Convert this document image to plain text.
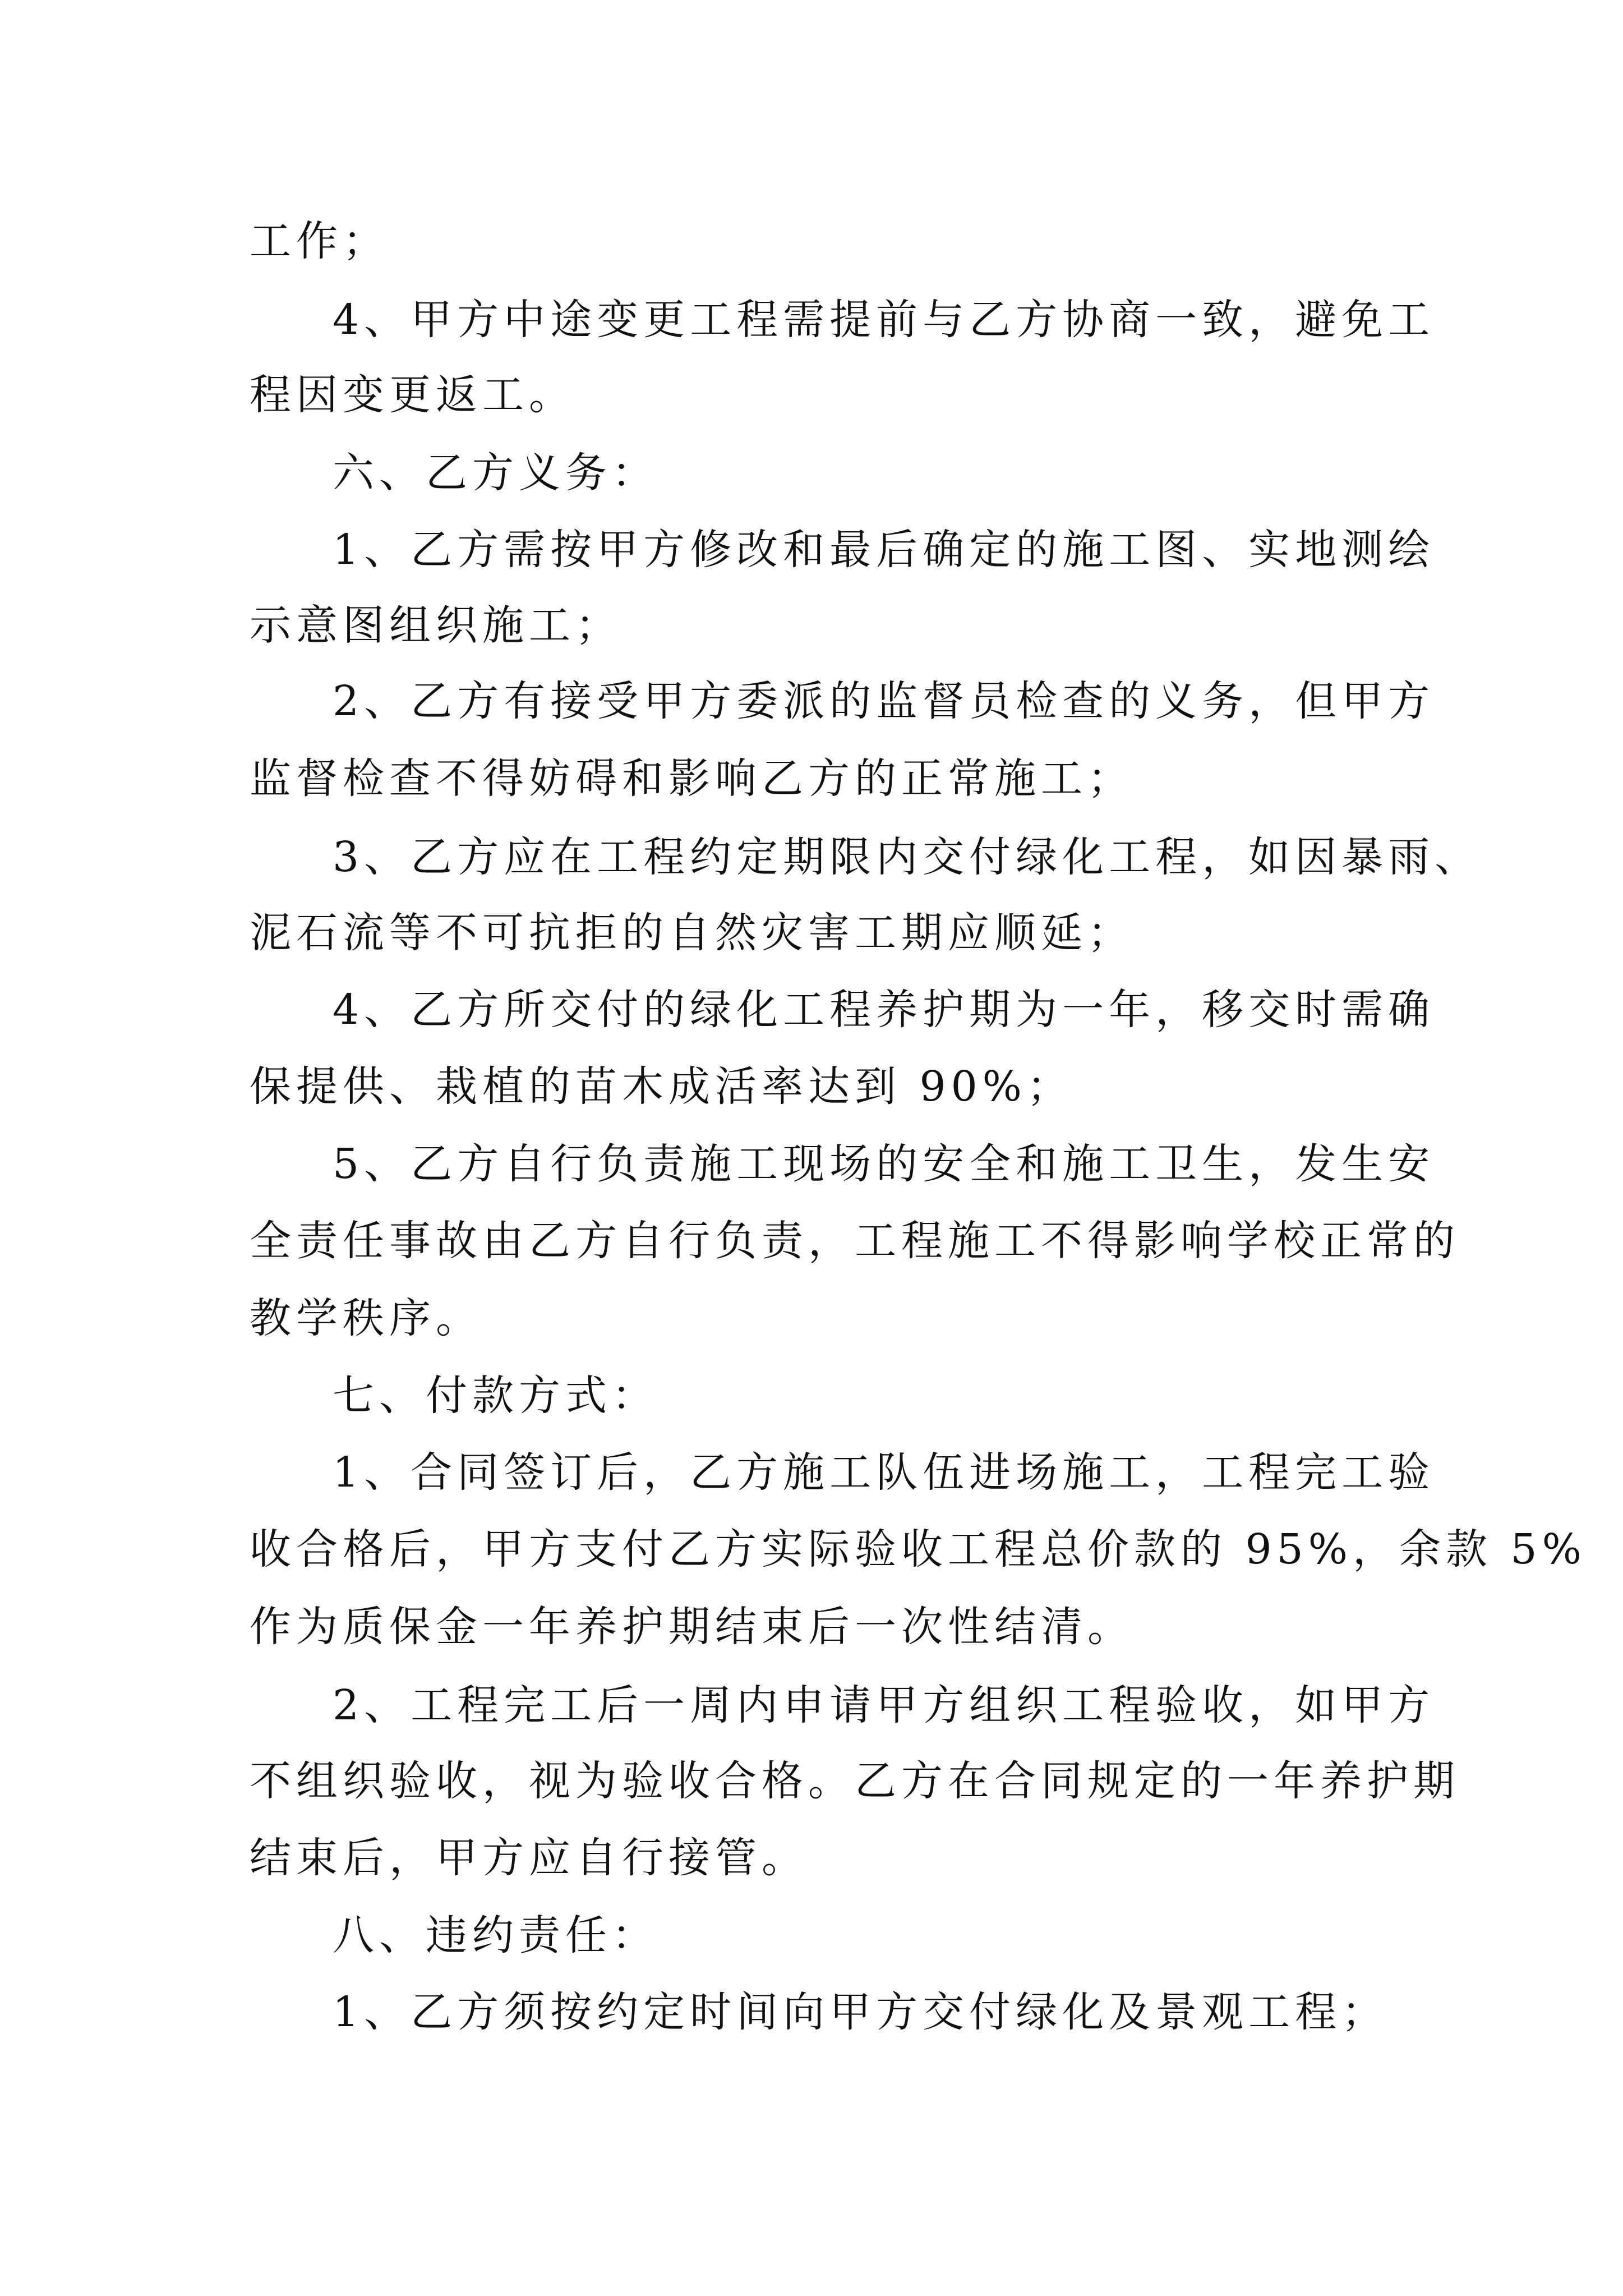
工作；

4、甲方中途变更工程需提前与乙方协商一致，避免工

程因变更返工。

六、乙方义务：

1、乙方需按甲方修改和最后确定的施工图、实地测绘

示意图组织施工；

2、乙方有接受甲方委派的监督员检查的义务，但甲方

监督检查不得妨碍和影响乙方的正常施工；

3、乙方应在工程约定期限内交付绿化工程，如因暴雨、

泥石流等不可抗拒的自然灾害工期应顺延；

4、乙方所交付的绿化工程养护期为一年，移交时需确

保提供、栽植的苗木成活率达到 90%；

5、乙方自行负责施工现场的安全和施工卫生，发生安

全责任事故由乙方自行负责，工程施工不得影响学校正常的

教学秩序。

七、付款方式：

1、合同签订后，乙方施工队伍进场施工，工程完工验

收合格后，甲方支付乙方实际验收工程总价款的 95%，余款 5%

作为质保金一年养护期结束后一次性结清。

2、工程完工后一周内申请甲方组织工程验收，如甲方

不组织验收，视为验收合格。乙方在合同规定的一年养护期

结束后，甲方应自行接管。

八、违约责任：

1、乙方须按约定时间向甲方交付绿化及景观工程；
